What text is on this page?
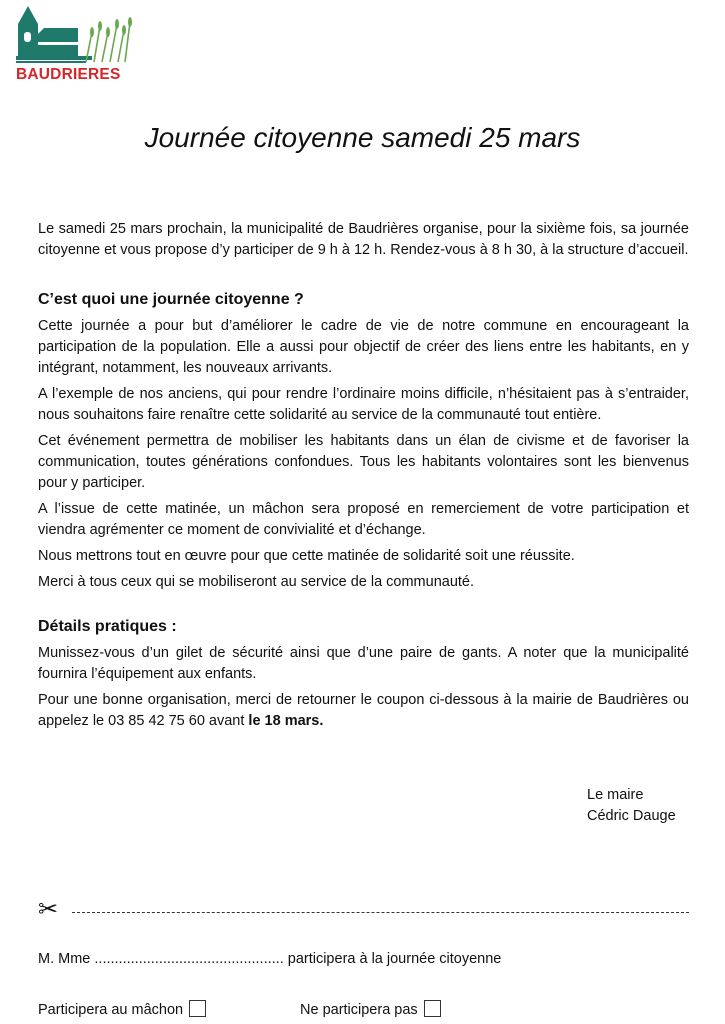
BAUDRIERES
Journée citoyenne samedi 25 mars

Le samedi 25 mars prochain, la municipalité de Baudrières organise, pour la sixième fois, sa journée citoyenne et vous propose d’y participer de 9 h à 12 h. Rendez-vous à 8 h 30, à la structure d’accueil.

C’est quoi une journée citoyenne ?

Cette journée a pour but d’améliorer le cadre de vie de notre commune en encourageant la participation de la population. Elle a aussi pour objectif de créer des liens entre les habitants, en y intégrant, notamment, les nouveaux arrivants.

A l’exemple de nos anciens, qui pour rendre l’ordinaire moins difficile, n’hésitaient pas à s’entraider, nous souhaitons faire renaître cette solidarité au service de la communauté tout entière.

Cet événement permettra de mobiliser les habitants dans un élan de civisme et de favoriser la communication, toutes générations confondues. Tous les habitants volontaires sont les bienvenus pour y participer.

A l’issue de cette matinée, un mâchon sera proposé en remerciement de votre participation et viendra agrémenter ce moment de convivialité et d’échange.

Nous mettrons tout en œuvre pour que cette matinée de solidarité soit une réussite.

Merci à tous ceux qui se mobiliseront au service de la communauté.

Détails pratiques :

Munissez-vous d’un gilet de sécurité ainsi que d’une paire de gants. A noter que la municipalité fournira l’équipement aux enfants.

Pour une bonne organisation, merci de retourner le coupon ci-dessous à la mairie de Baudrières ou appelez le 03 85 42 75 60 avant le 18 mars.

Le maire
Cédric Dauge
✂
M. Mme ............................................... participera à la journée citoyenne
Participera au mâchon	Ne participera pas
